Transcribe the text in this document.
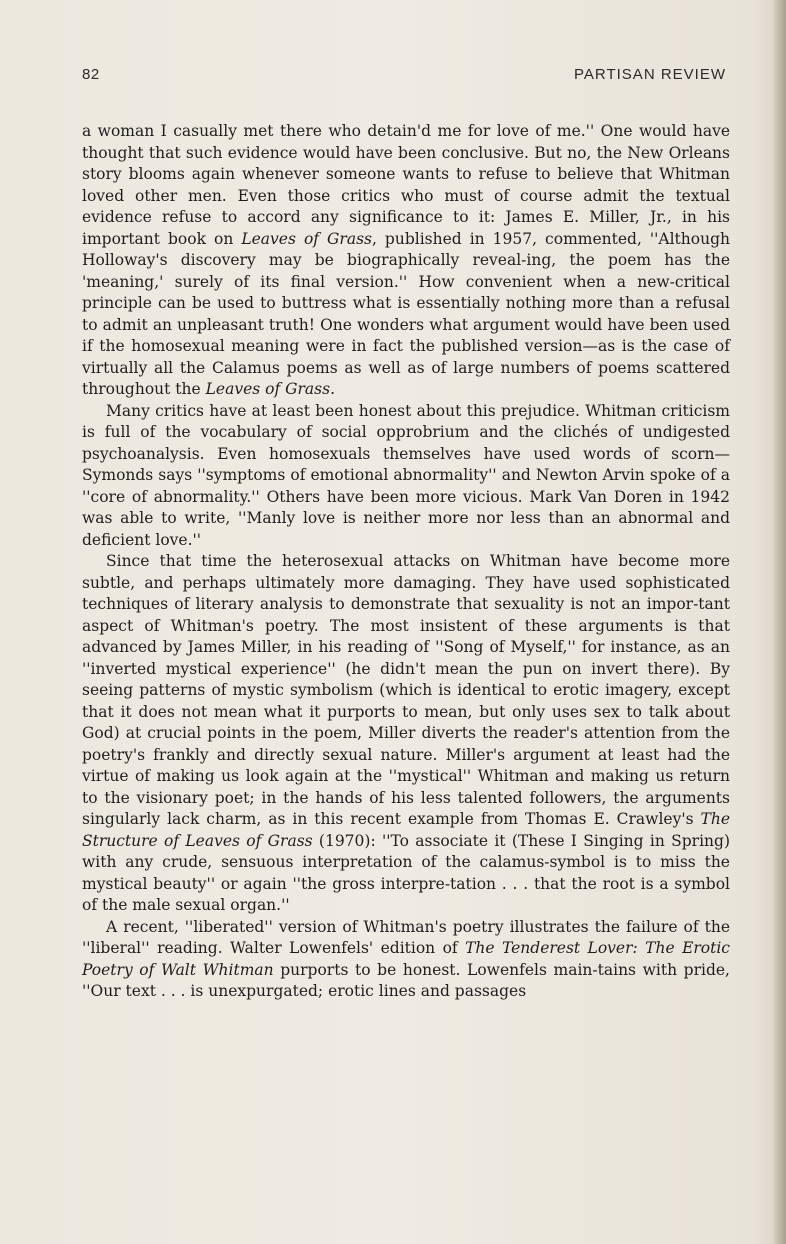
82	PARTISAN REVIEW

a woman I casually met there who detain'd me for love of me.'' One would have thought that such evidence would have been conclusive. But no, the New Orleans story blooms again whenever someone wants to refuse to believe that Whitman loved other men. Even those critics who must of course admit the textual evidence refuse to accord any significance to it: James E. Miller, Jr., in his important book on Leaves of Grass, published in 1957, commented, ''Although Holloway's discovery may be biographically reveal-ing, the poem has the 'meaning,' surely of its final version.'' How convenient when a new-critical principle can be used to buttress what is essentially nothing more than a refusal to admit an unpleasant truth! One wonders what argument would have been used if the homosexual meaning were in fact the published version—as is the case of virtually all the Calamus poems as well as of large numbers of poems scattered throughout the Leaves of Grass.

Many critics have at least been honest about this prejudice. Whitman criticism is full of the vocabulary of social opprobrium and the clichés of undigested psychoanalysis. Even homosexuals themselves have used words of scorn—Symonds says ''symptoms of emotional abnormality'' and Newton Arvin spoke of a ''core of abnormality.'' Others have been more vicious. Mark Van Doren in 1942 was able to write, ''Manly love is neither more nor less than an abnormal and deficient love.''

Since that time the heterosexual attacks on Whitman have become more subtle, and perhaps ultimately more damaging. They have used sophisticated techniques of literary analysis to demonstrate that sexuality is not an impor-tant aspect of Whitman's poetry. The most insistent of these arguments is that advanced by James Miller, in his reading of ''Song of Myself,'' for instance, as an ''inverted mystical experience'' (he didn't mean the pun on invert there). By seeing patterns of mystic symbolism (which is identical to erotic imagery, except that it does not mean what it purports to mean, but only uses sex to talk about God) at crucial points in the poem, Miller diverts the reader's attention from the poetry's frankly and directly sexual nature. Miller's argument at least had the virtue of making us look again at the ''mystical'' Whitman and making us return to the visionary poet; in the hands of his less talented followers, the arguments singularly lack charm, as in this recent example from Thomas E. Crawley's The Structure of Leaves of Grass (1970): ''To associate it (These I Singing in Spring) with any crude, sensuous interpretation of the calamus-symbol is to miss the mystical beauty'' or again ''the gross interpre-tation . . . that the root is a symbol of the male sexual organ.''

A recent, ''liberated'' version of Whitman's poetry illustrates the failure of the ''liberal'' reading. Walter Lowenfels' edition of The Tenderest Lover: The Erotic Poetry of Walt Whitman purports to be honest. Lowenfels main-tains with pride, ''Our text . . . is unexpurgated; erotic lines and passages
